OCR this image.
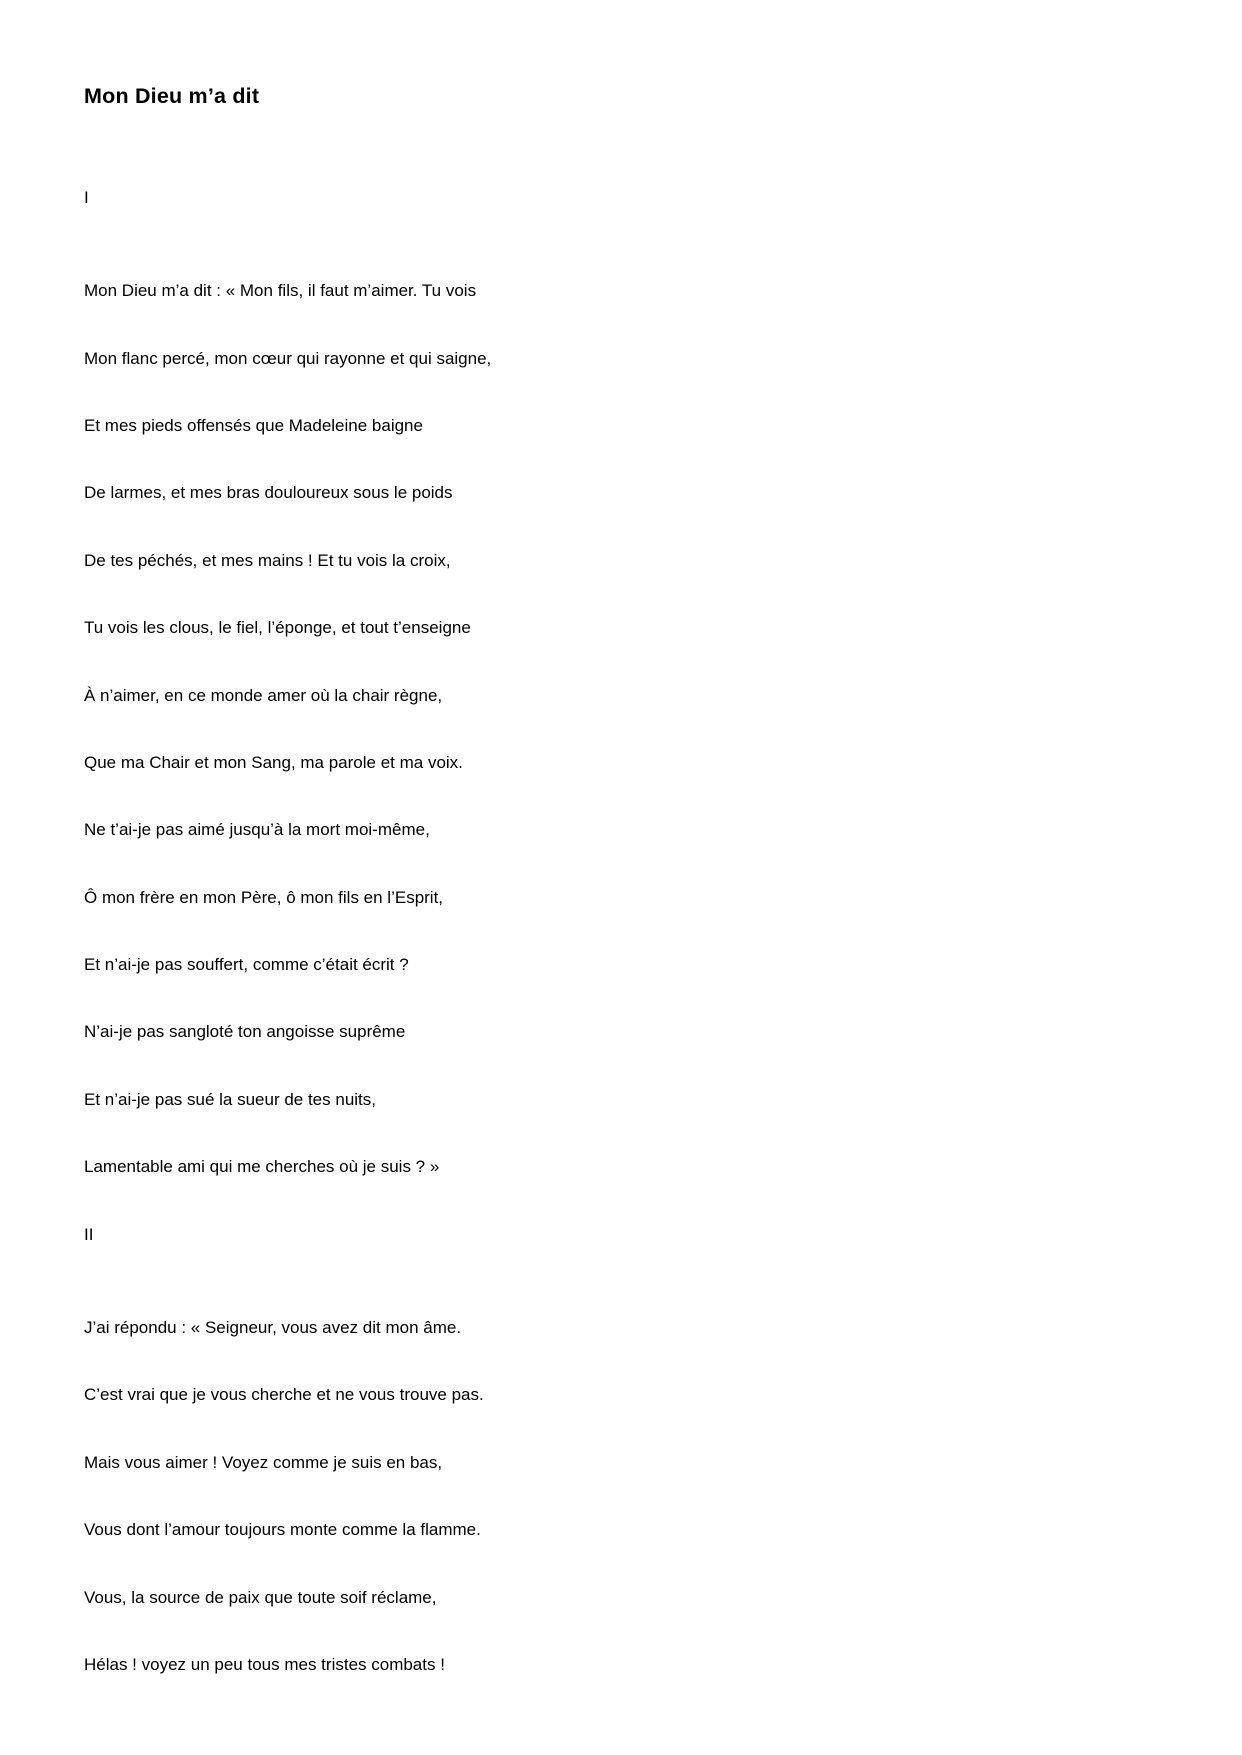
Mon Dieu m’a dit

I

Mon Dieu m’a dit : « Mon fils, il faut m’aimer. Tu vois

Mon flanc percé, mon cœur qui rayonne et qui saigne,

Et mes pieds offensés que Madeleine baigne

De larmes, et mes bras douloureux sous le poids

De tes péchés, et mes mains ! Et tu vois la croix,

Tu vois les clous, le fiel, l’éponge, et tout t’enseigne

À n’aimer, en ce monde amer où la chair règne,

Que ma Chair et mon Sang, ma parole et ma voix.

Ne t’ai-je pas aimé jusqu’à la mort moi-même,

Ô mon frère en mon Père, ô mon fils en l’Esprit,

Et n’ai-je pas souffert, comme c’était écrit ?

N’ai-je pas sangloté ton angoisse suprême

Et n’ai-je pas sué la sueur de tes nuits,

Lamentable ami qui me cherches où je suis ? »

II

J’ai répondu : « Seigneur, vous avez dit mon âme.

C’est vrai que je vous cherche et ne vous trouve pas.

Mais vous aimer ! Voyez comme je suis en bas,

Vous dont l’amour toujours monte comme la flamme.

Vous, la source de paix que toute soif réclame,

Hélas ! voyez un peu tous mes tristes combats !
